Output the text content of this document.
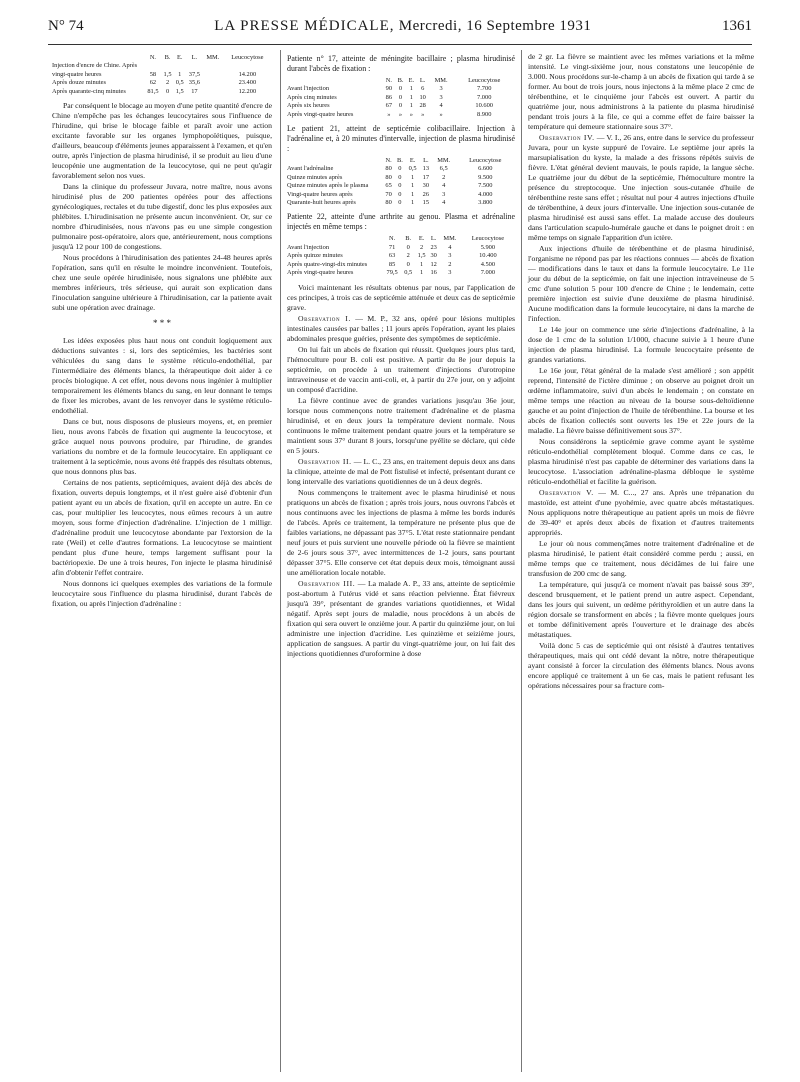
N° 74	LA PRESSE MÉDICALE, Mercredi, 16 Septembre 1931	1361
	N.	B.	E.	L.	MM.	Leucocytose
Injection d'encre de Chine. Après vingt-quatre heures	58	1,5	1	37,5		14.200
Après douze minutes	62	2	0,5	35,6		23.400
Après quarante-cinq minutes	81,5	0	1,5	17		12.200

Par conséquent le blocage au moyen d'une petite quantité d'encre de Chine n'empêche pas les échanges leucocytaires sous l'influence de l'hirudine, qui brise le blocage faible et paraît avoir une action excitante favorable sur les organes lymphopoïétiques, puisque, d'ailleurs, beaucoup d'éléments jeunes apparaissent à l'examen, et qu'en outre, après l'injection de plasma hirudinisé, il se produit au lieu d'une leucopénie une augmentation de la leucocytose, qui ne peut qu'agir favorablement selon nos vues.

Dans la clinique du professeur Juvara, notre maître, nous avons hirudinisé plus de 200 patientes opérées pour des affections gynécologiques, rectales et du tube digestif, donc les plus exposées aux phlébites. L'hirudinisation ne présente aucun inconvénient. Or, sur ce nombre d'hirudinisées, nous n'avons pas eu une simple congestion pulmonaire post-opératoire, alors que, antérieurement, nous comptions jusqu'à 12 pour 100 de congestions.

Nous procédons à l'hirudinisation des patientes 24-48 heures après l'opération, sans qu'il en résulte le moindre inconvénient. Toutefois, chez une seule opérée hirudinisée, nous signalons une phlébite aux membres inférieurs, très sérieuse, qui aurait son explication dans l'inoculation sanguine ultérieure à l'hirudinisation, car la patiente avait subi une opération avec drainage.

* * *

Les idées exposées plus haut nous ont conduit logiquement aux déductions suivantes : si, lors des septicémies, les bactéries sont véhiculées du sang dans le système réticulo-endothélial, par l'intermédiaire des éléments blancs, la thérapeutique doit aider à ce procès biologique. A cet effet, nous devons nous ingénier à multiplier temporairement les éléments blancs du sang, en leur donnant le temps de fixer les microbes, avant de les renvoyer dans le système réticulo-endothélial.

Dans ce but, nous disposons de plusieurs moyens, et, en premier lieu, nous avons l'abcès de fixation qui augmente la leucocytose, et grâce auquel nous pouvons produire, par l'hirudine, de grandes variations du nombre et de la formule leucocytaire. En appliquant ce traitement à la septicémie, nous avons été frappés des résultats obtenus, que nous donnons plus bas.

Certains de nos patients, septicémiques, avaient déjà des abcès de fixation, ouverts depuis longtemps, et il n'est guère aisé d'obtenir d'un patient ayant eu un abcès de fixation, qu'il en accepte un autre. En ce cas, pour multiplier les leucocytes, nous eûmes recours à un autre moyen, sous forme d'injection d'adrénaline. L'injection de 1 milligr. d'adrénaline produit une leucocytose abondante par l'extorsion de la rate (Weil) et celle d'autres formations. La leucocytose se maintient pendant plus d'une heure, temps largement suffisant pour la bactériopexie. De une à trois heures, l'on injecte le plasma hirudinisé afin d'obtenir l'effet contraire.

Nous donnons ici quelques exemples des variations de la formule leucocytaire sous l'influence du plasma hirudinisé, durant l'abcès de fixation, ou après l'injection d'adrénaline :

Patiente n° 17, atteinte de méningite bacillaire ; plasma hirudinisé durant l'abcès de fixation :

	N.	B.	E.	L.	MM.	Leucocytose
Avant l'injection	90	0	1	6	3	7.700
Après cinq minutes	86	0	1	10	3	7.000
Après six heures	67	0	1	28	4	10.600
Après vingt-quatre heures	»	»	»	»	»	8.900

Le patient 21, atteint de septicémie colibacillaire. Injection à l'adrénaline et, à 20 minutes d'intervalle, injection de plasma hirudinisé :

	N.	B.	E.	L.	MM.	Leucocytose
Avant l'adrénaline	80	0	0,5	13	6,5	6.600
Quinze minutes après	80	0	1	17	2	9.500
Quinze minutes après le plasma	65	0	1	30	4	7.500
Vingt-quatre heures après	70	0	1	26	3	4.000
Quarante-huit heures après	80	0	1	15	4	3.800

Patiente 22, atteinte d'une arthrite au genou. Plasma et adrénaline injectés en même temps :

	N.	B.	E.	L.	MM.	Leucocytose
Avant l'injection	71	0	2	23	4	5.900
Après quinze minutes	63	2	1,5	30	3	10.400
Après quatre-vingt-dix minutes	85	0	1	12	2	4.500
Après vingt-quatre heures	79,5	0,5	1	16	3	7.000

Voici maintenant les résultats obtenus par nous, par l'application de ces principes, à trois cas de septicémie atténuée et deux cas de septicémie grave.

Observation I. — M. P., 32 ans, opéré pour lésions multiples intestinales causées par balles ; 11 jours après l'opération, ayant les plaies abdominales presque guéries, présente des symptômes de septicémie.

On lui fait un abcès de fixation qui réussit. Quelques jours plus tard, l'hémoculture pour B. coli est positive. A partir du 8e jour depuis la septicémie, on procède à un traitement d'injections d'urotropine intraveineuse et de vaccin anti-coli, et, à partir du 27e jour, on y adjoint un composé d'acridine.

La fièvre continue avec de grandes variations jusqu'au 36e jour, lorsque nous commençons notre traitement d'adrénaline et de plasma hirudinisé, et en deux jours la température devient normale. Nous continuons le même traitement pendant quatre jours et la température se maintient sous 37° durant 8 jours, lorsqu'une pyélite se déclare, qui cède en 5 jours.

Observation II. — L. C., 23 ans, en traitement depuis deux ans dans la clinique, atteinte de mal de Pott fistulisé et infecté, présentant durant ce long intervalle des variations quotidiennes de un à deux degrés.

Nous commençons le traitement avec le plasma hirudinisé et nous pratiquons un abcès de fixation ; après trois jours, nous ouvrons l'abcès et nous continuons avec les injections de plasma à même les bords indurés de l'abcès. Après ce traitement, la température ne présente plus que de faibles variations, ne dépassant pas 37°5. L'état reste stationnaire pendant neuf jours et puis survient une nouvelle période où la fièvre se maintient de 2-6 jours sous 37°, avec intermittences de 1-2 jours, sans pourtant dépasser 37°5. Elle conserve cet état depuis deux mois, témoignant aussi une amélioration locale notable.

Observation III. — La malade A. P., 33 ans, atteinte de septicémie post-abortum à l'utérus vidé et sans réaction pelvienne. État fiévreux jusqu'à 39°, présentant de grandes variations quotidiennes, et Widal négatif. Après sept jours de maladie, nous procédons à un abcès de fixation qui sera ouvert le onzième jour. A partir du quinzième jour, on lui administre une injection d'acridine. Les quinzième et seizième jours, application de sangsues. A partir du vingt-quatrième jour, on lui fait des injections quotidiennes d'uroformine à dose

de 2 gr. La fièvre se maintient avec les mêmes variations et la même intensité. Le vingt-sixième jour, nous constatons une leucopénie de 3.000. Nous procédons sur-le-champ à un abcès de fixation qui tarde à se former. Au bout de trois jours, nous injectons à la même place 2 cmc de térébenthine, et le cinquième jour l'abcès est ouvert. A partir du quatrième jour, nous administrons à la patiente du plasma hirudinisé pendant trois jours à la file, ce qui a comme effet de faire baisser la température qui demeure stationnaire sous 37°.

Observation IV. — V. I., 26 ans, entre dans le service du professeur Juvara, pour un kyste suppuré de l'ovaire. Le septième jour après la marsupialisation du kyste, la malade a des frissons répétés suivis de fièvre. L'état général devient mauvais, le pouls rapide, la langue sèche. Le quatrième jour du début de la septicémie, l'hémoculture montre la présence du streptocoque. Une injection sous-cutanée d'huile de térébenthine reste sans effet ; résultat nul pour 4 autres injections d'huile de térébenthine, à deux jours d'intervalle. Une injection sous-cutanée de plasma hirudinisé est aussi sans effet. La malade accuse des douleurs dans l'articulation scapulo-humérale gauche et dans le poignet droit : en même temps on signale l'apparition d'un ictère.

Aux injections d'huile de térébenthine et de plasma hirudinisé, l'organisme ne répond pas par les réactions connues — abcès de fixation — modifications dans le taux et dans la formule leucocytaire. Le 11e jour du début de la septicémie, on fait une injection intraveineuse de 5 cmc d'une solution 5 pour 100 d'encre de Chine ; le lendemain, cette première injection est suivie d'une deuxième de plasma hirudinisé. Aucune modification dans la formule leucocytaire, ni dans la marche de l'infection.

Le 14e jour on commence une série d'injections d'adrénaline, à la dose de 1 cmc de la solution 1/1000, chacune suivie à 1 heure d'une injection de plasma hirudinisé. La formule leucocytaire présente de grandes variations.

Le 16e jour, l'état général de la malade s'est amélioré ; son appétit reprend, l'intensité de l'ictère diminue ; on observe au poignet droit un œdème inflammatoire, suivi d'un abcès le lendemain ; on constate en même temps une réaction au niveau de la bourse sous-deltoïdienne gauche et au point d'injection de l'huile de térébenthine. La bourse et les abcès de fixation collectés sont ouverts les 19e et 22e jours de la maladie. La fièvre baisse définitivement sous 37°.

Nous considérons la septicémie grave comme ayant le système réticulo-endothélial complètement bloqué. Comme dans ce cas, le plasma hirudinisé n'est pas capable de déterminer des variations dans la leucocytose. L'association adrénaline-plasma débloque le système réticulo-endothélial et facilite la guérison.

Observation V. — M. C..., 27 ans. Après une trépanation du mastoïde, est atteint d'une pyohémie, avec quatre abcès métastatiques. Nous appliquons notre thérapeutique au patient après un mois de fièvre de 39-40° et après deux abcès de fixation et d'autres traitements appropriés.

Le jour où nous commençâmes notre traitement d'adrénaline et de plasma hirudinisé, le patient était considéré comme perdu ; aussi, en même temps que ce traitement, nous décidâmes de lui faire une transfusion de 200 cmc de sang.

La température, qui jusqu'à ce moment n'avait pas baissé sous 39°, descend brusquement, et le patient prend un autre aspect. Cependant, dans les jours qui suivent, un œdème périthyroïdien et un autre dans la région dorsale se transforment en abcès ; la fièvre monte quelques jours et tombe définitivement après l'ouverture et le drainage des abcès métastatiques.

Voilà donc 5 cas de septicémie qui ont résisté à d'autres tentatives thérapeutiques, mais qui ont cédé devant la nôtre, notre thérapeutique ayant consisté à forcer la circulation des éléments blancs. Nous avons encore appliqué ce traitement à un 6e cas, mais le patient refusant les opérations nécessaires pour sa fracture com-
